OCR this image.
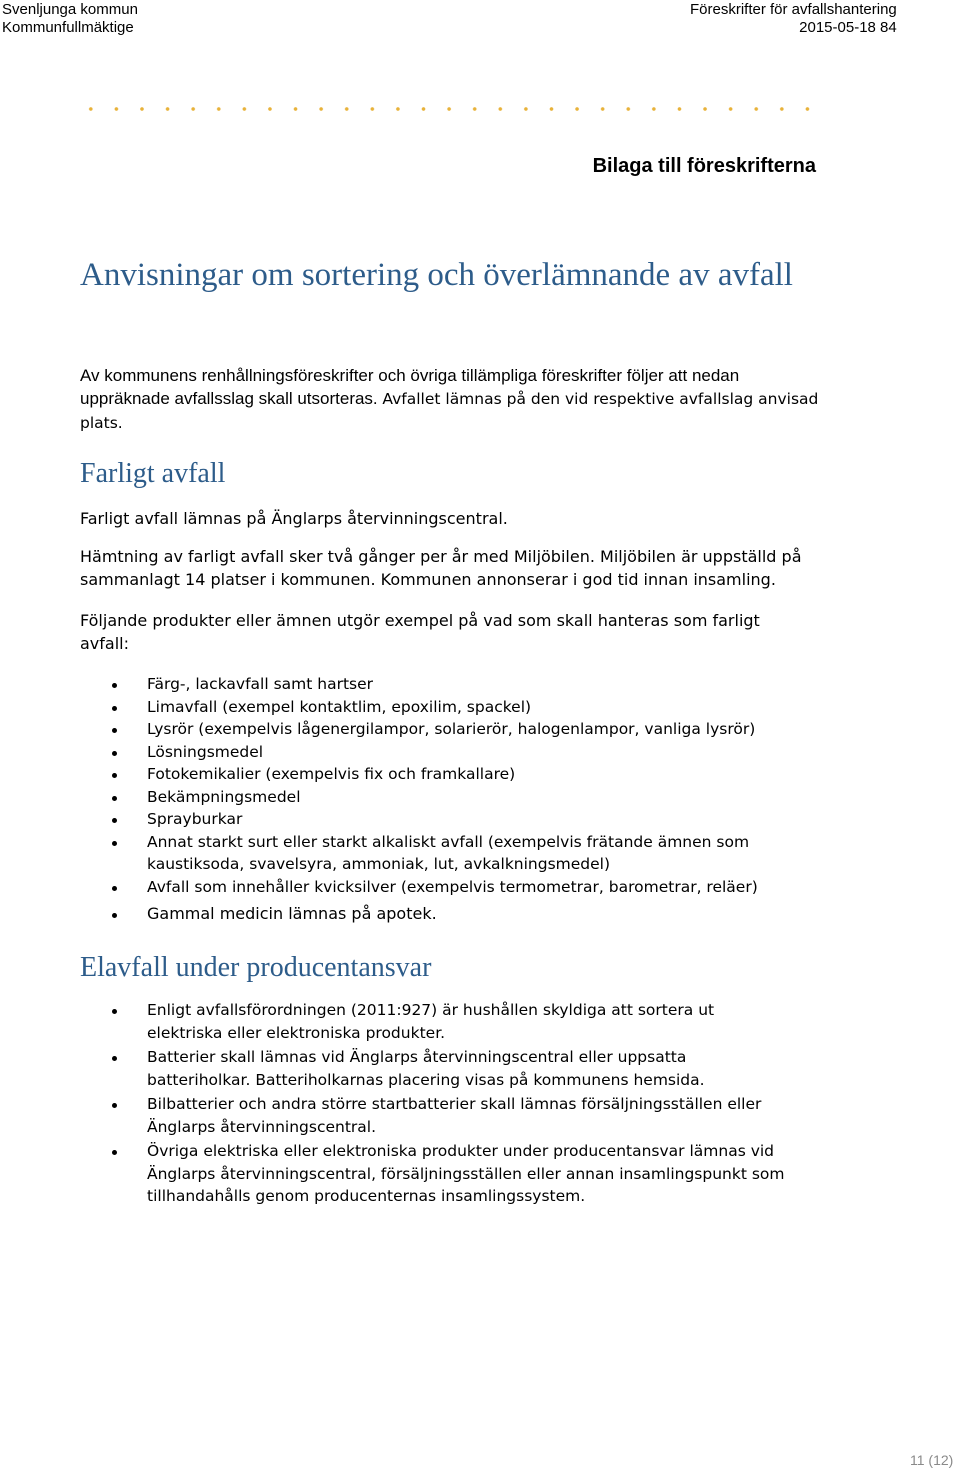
Svenljunga kommun
Kommunfullmäktige
Föreskrifter för avfallshantering
2015-05-18 84
Bilaga till föreskrifterna
Anvisningar om sortering och överlämnande av avfall

Av kommunens renhållningsföreskrifter och övriga tillämpliga föreskrifter följer att nedan uppräknade avfallsslag skall utsorteras. Avfallet lämnas på den vid respektive avfallslag anvisad plats.

Farligt avfall

Farligt avfall lämnas på Änglarps återvinningscentral.

Hämtning av farligt avfall sker två gånger per år med Miljöbilen. Miljöbilen är uppställd på sammanlagt 14 platser i kommunen. Kommunen annonserar i god tid innan insamling.

Följande produkter eller ämnen utgör exempel på vad som skall hanteras som farligt avfall:

Färg-, lackavfall samt hartser
Limavfall (exempel kontaktlim, epoxilim, spackel)
Lysrör (exempelvis lågenergilampor, solarierör, halogenlampor, vanliga lysrör)
Lösningsmedel
Fotokemikalier (exempelvis fix och framkallare)
Bekämpningsmedel
Sprayburkar
Annat starkt surt eller starkt alkaliskt avfall (exempelvis frätande ämnen som kaustiksoda, svavelsyra, ammoniak, lut, avkalkningsmedel)
Avfall som innehåller kvicksilver (exempelvis termometrar, barometrar, reläer)
Gammal medicin lämnas på apotek.
Elavfall under producentansvar
Enligt avfallsförordningen (2011:927) är hushållen skyldiga att sortera ut elektriska eller elektroniska produkter.
Batterier skall lämnas vid Änglarps återvinningscentral eller uppsatta batteriholkar. Batteriholkarnas placering visas på kommunens hemsida.
Bilbatterier och andra större startbatterier skall lämnas försäljningsställen eller Änglarps återvinningscentral.
Övriga elektriska eller elektroniska produkter under producentansvar lämnas vid Änglarps återvinningscentral, försäljningsställen eller annan insamlingspunkt som tillhandahålls genom producenternas insamlingssystem.
11 (12)
